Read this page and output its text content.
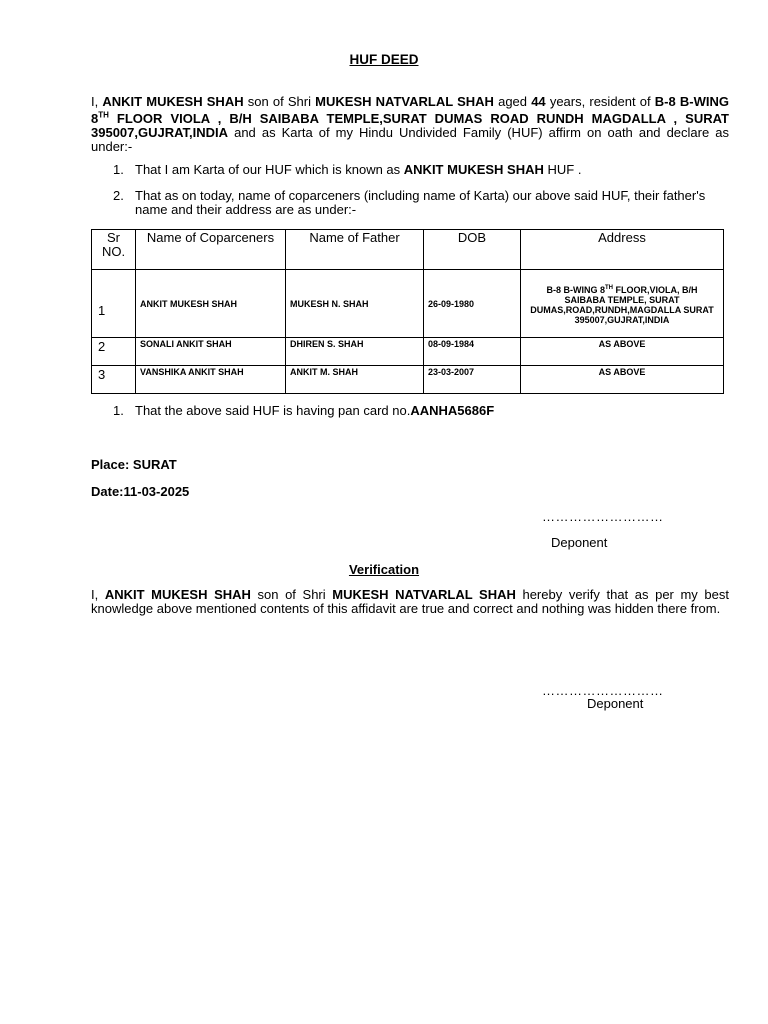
HUF DEED
I, ANKIT MUKESH SHAH son of Shri MUKESH NATVARLAL SHAH aged 44 years, resident of B-8 B-WING 8TH FLOOR VIOLA , B/H SAIBABA TEMPLE,SURAT DUMAS ROAD RUNDH MAGDALLA , SURAT 395007,GUJRAT,INDIA and as Karta of my Hindu Undivided Family (HUF) affirm on oath and declare as under:-
1. That I am Karta of our HUF which is known as ANKIT MUKESH SHAH HUF .
2. That as on today, name of coparceners (including name of Karta) our above said HUF, their father's name and their address are as under:-
Sr NO.	Name of Coparceners	Name of Father	DOB	Address
1	ANKIT MUKESH SHAH	MUKESH N. SHAH	26-09-1980	B-8 B-WING 8TH FLOOR,VIOLA, B/H SAIBABA TEMPLE, SURAT DUMAS,ROAD,RUNDH,MAGDALLA SURAT 395007,GUJRAT,INDIA
2	SONALI ANKIT SHAH	DHIREN S. SHAH	08-09-1984	AS ABOVE
3	VANSHIKA ANKIT SHAH	ANKIT M. SHAH	23-03-2007	AS ABOVE
1. That the above said HUF is having pan card no.AANHA5686F
Place: SURAT
Date:11-03-2025
………………………
Deponent
Verification
I, ANKIT MUKESH SHAH son of Shri MUKESH NATVARLAL SHAH hereby verify that as per my best knowledge above mentioned contents of this affidavit are true and correct and nothing was hidden there from.
………………………
Deponent
